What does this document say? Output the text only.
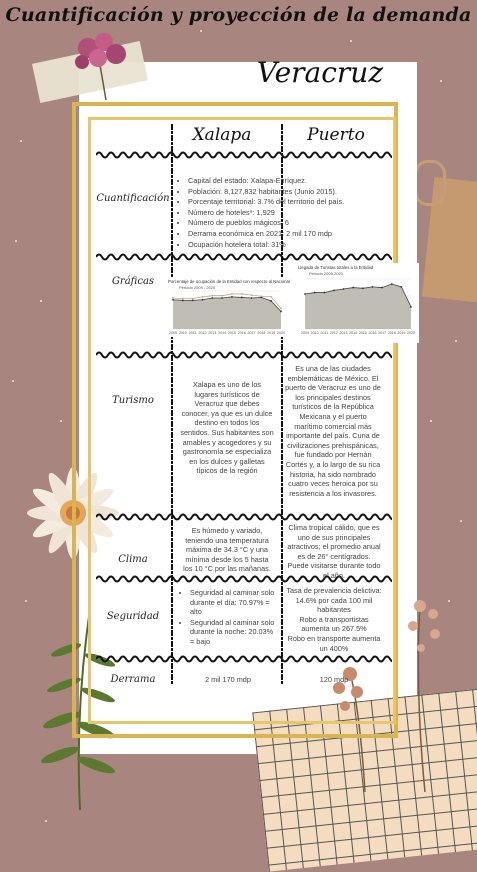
Cuantificación y proyección de la demanda
Veracruz
Xalapa	Puerto
Cuantificación
Gráficas
Turismo
Clima
Seguridad
Derrama
• Capital del estado: Xalapa-Enríquez.
• Población: 8,127,832 habitantes (Junio 2015).
• Porcentaje territorial: 3.7% del territorio del país.
• Número de hoteles*: 1,929
• Número de pueblos mágicos: 6
• Derrama económica en 2021: 2 mil 170 mdp
• Ocupación hotelera total: 31%
Porcentaje de ocupación de la Entidad con respecto al Nacional
Periodo 2009 - 2020
2009 2010 2011 2012 2013 2014 2015 2016 2017 2018 2019 2020
Llegada de Turistas totales a la Entidad
Periodo 2009-2020
2009 2010 2011 2012 2013 2014 2015 2016 2017 2018 2019 2020
Xalapa es uno de los lugares turísticos de Veracruz que debes conocer, ya que es un dulce destino en todos los sentidos. Sus habitantes son amables y acogedores y su gastronomía se especializa en los dulces y galletas típicos de la región
Es una de las ciudades emblemáticas de México. El puerto de Veracruz es uno de los principales destinos turísticos de la República Mexicana y el puerto marítimo comercial más importante del país. Cuna de civilizaciones prehispánicas, fue fundado por Hernán Cortés y, a lo largo de su rica historia, ha sido nombrado cuatro veces heroica por su resistencia a los invasores.
Es húmedo y variado, teniendo una temperatura máxima de 34.3 °C y una mínima desde los 5 hasta los 10 °C por las mañanas.
Clima tropical cálido, que es uno de sus principales atractivos; el promedio anual es de 26° centígrados. Puede visitarse durante todo el año.
• Seguridad al caminar solo durante el día: 70.97% = alto
• Seguridad al caminar solo durante la noche: 20.03% = bajo
Tasa de prevalencia delictiva: 14.6% por cada 100 mil habitantes
Robo a transportistas aumenta un 267.5%
Robo en transporte aumenta un 400%
2 mil 170 mdp	120 mdp
